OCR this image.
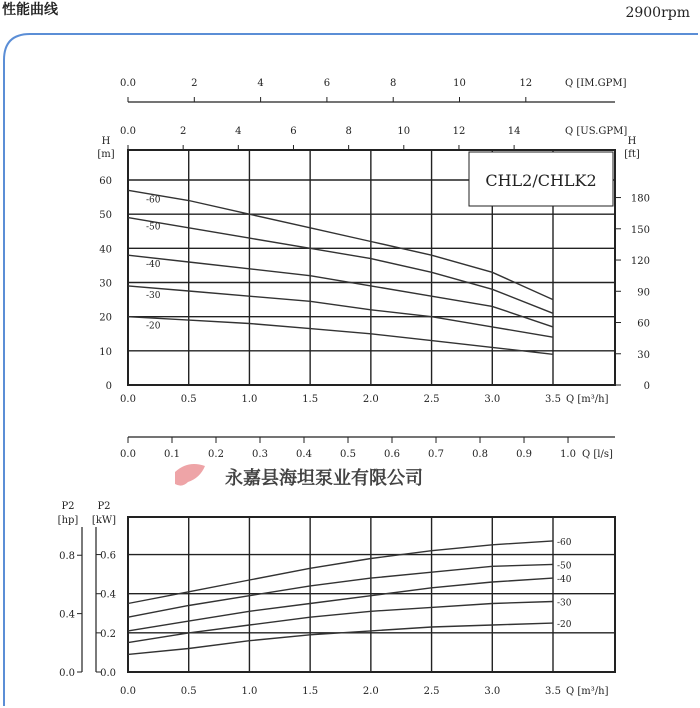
性能曲线	2900rpm
0.0	2	4	6	8	10	12	Q [IM.GPM]
0.0	2	4	6	8	10	12	14	Q [US.GPM]
0
10
20
30
40
50
60
0.0	0.5	1.0	1.5	2.0	2.5	3.0	3.5 Q [m³/h]
H
[m]
H
[ft]
0
30
60
90
120
150
180
CHL2/CHLK2
-60
-50
-40
-30
-20
0.0	0.1	0.2	0.3	0.4	0.5	0.6	0.7	0.8	0.9	1.0 Q [l/s]
0.0
0.2
0.4
0.6
0.0	0.5	1.0	1.5	2.0	2.5	3.0	3.5 Q [m³/h]
P2
[kW]
P2
[hp]
0.0
0.4
0.8
-60
-50
-40
-30
-20
永嘉县海坦泵业有限公司
